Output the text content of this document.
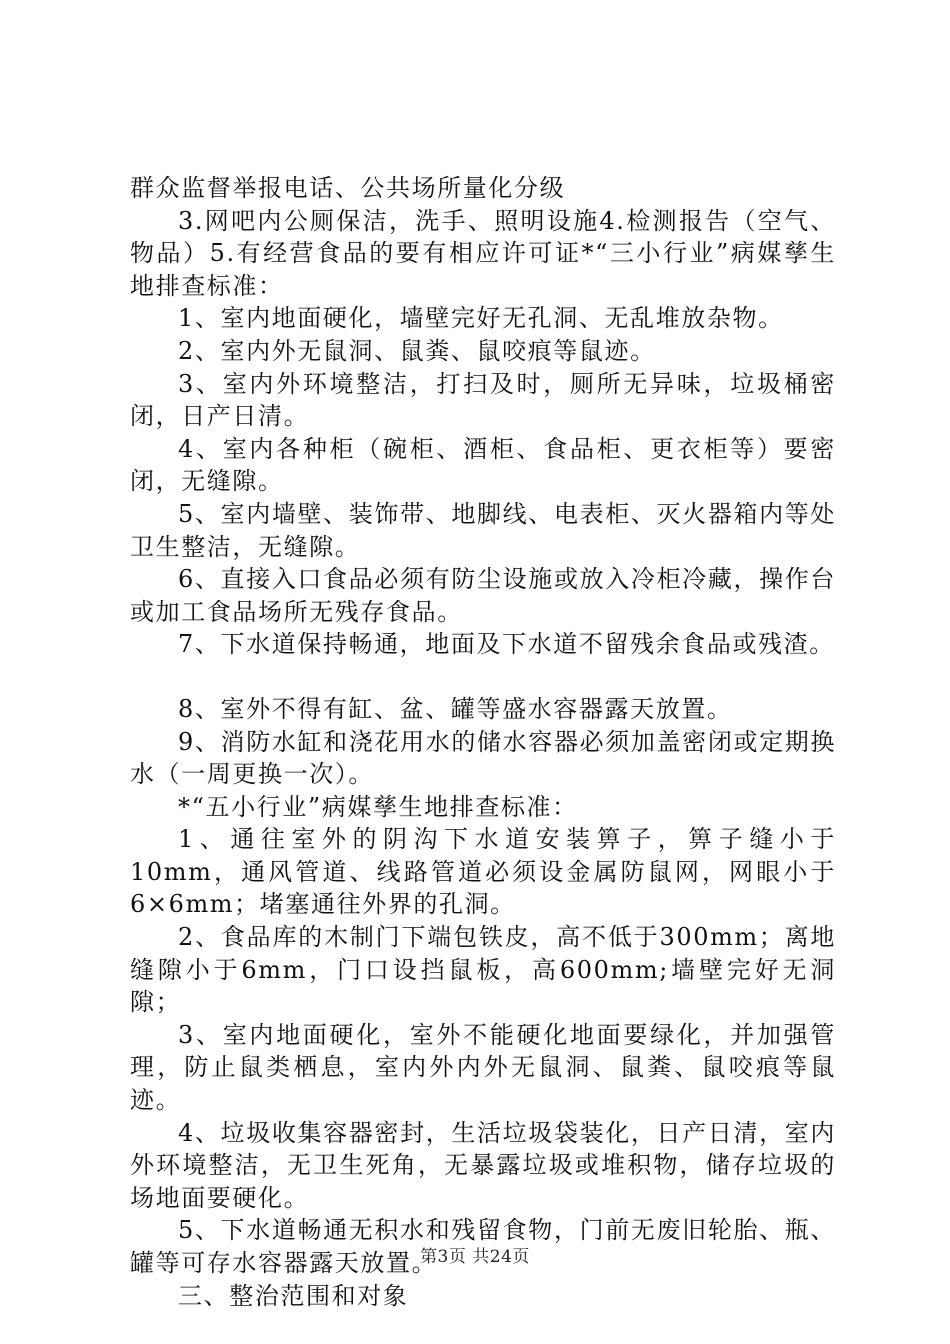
群众监督举报电话、公共场所量化分级

3.网吧内公厕保洁，洗手、照明设施4.检测报告（空气、物品）5.有经营食品的要有相应许可证*“三小行业”病媒孳生地排查标准：

1、室内地面硬化，墙壁完好无孔洞、无乱堆放杂物。

2、室内外无鼠洞、鼠粪、鼠咬痕等鼠迹。

3、室内外环境整洁，打扫及时，厕所无异味，垃圾桶密闭，日产日清。

4、室内各种柜（碗柜、酒柜、食品柜、更衣柜等）要密闭，无缝隙。

5、室内墙壁、装饰带、地脚线、电表柜、灭火器箱内等处卫生整洁，无缝隙。

6、直接入口食品必须有防尘设施或放入冷柜冷藏，操作台或加工食品场所无残存食品。

7、下水道保持畅通，地面及下水道不留残余食品或残渣。

8、室外不得有缸、盆、罐等盛水容器露天放置。

9、消防水缸和浇花用水的储水容器必须加盖密闭或定期换水（一周更换一次）。

*“五小行业”病媒孳生地排查标准：

1、通往室外的阴沟下水道安装箅子，箅子缝小于10mm，通风管道、线路管道必须设金属防鼠网，网眼小于6×6mm；堵塞通往外界的孔洞。

2、食品库的木制门下端包铁皮，高不低于300mm；离地缝隙小于6mm，门口设挡鼠板，高600mm;墙壁完好无洞隙；

3、室内地面硬化，室外不能硬化地面要绿化，并加强管理，防止鼠类栖息，室内外内外无鼠洞、鼠粪、鼠咬痕等鼠迹。

4、垃圾收集容器密封，生活垃圾袋装化，日产日清，室内外环境整洁，无卫生死角，无暴露垃圾或堆积物，储存垃圾的场地面要硬化。

5、下水道畅通无积水和残留食物，门前无废旧轮胎、瓶、罐等可存水容器露天放置。

三、整治范围和对象

第3页 共24页
